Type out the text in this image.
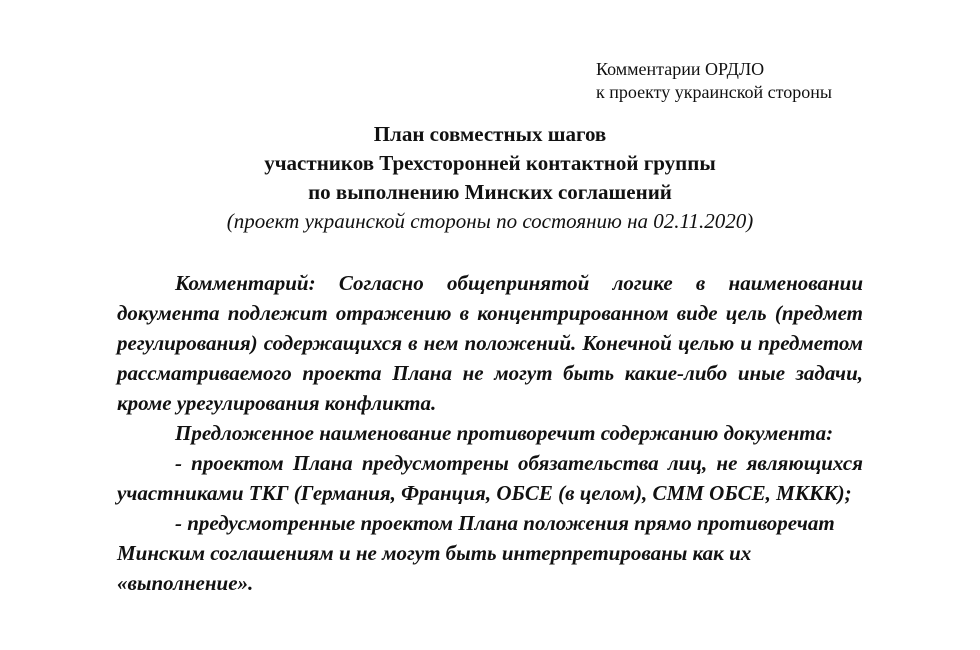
Комментарии ОРДЛО
к проекту украинской стороны
План совместных шагов
участников Трехсторонней контактной группы
по выполнению Минских соглашений
(проект украинской стороны по состоянию на 02.11.2020)

Комментарий: Согласно общепринятой логике в наименовании документа подлежит отражению в концентрированном виде цель (предмет регулирования) содержащихся в нем положений. Конечной целью и предметом рассматриваемого проекта Плана не могут быть какие-либо иные задачи, кроме урегулирования конфликта.

Предложенное наименование противоречит содержанию документа:

- проектом Плана предусмотрены обязательства лиц, не являющихся участниками ТКГ (Германия, Франция, ОБСЕ (в целом), СММ ОБСЕ, МККК);

- предусмотренные проектом Плана положения прямо противоречат Минским соглашениям и не могут быть интерпретированы как их «выполнение».
